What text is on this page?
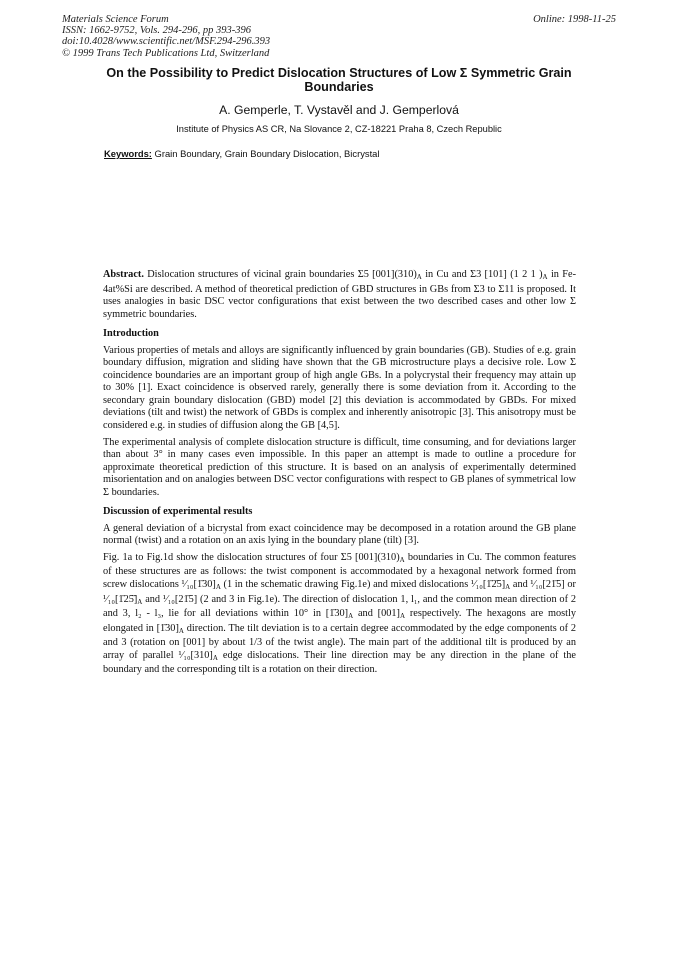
Materials Science Forum
ISSN: 1662-9752, Vols. 294-296, pp 393-396
doi:10.4028/www.scientific.net/MSF.294-296.393
© 1999 Trans Tech Publications Ltd, Switzerland
Online: 1998-11-25
On the Possibility to Predict Dislocation Structures of Low Σ Symmetric Grain Boundaries
A. Gemperle, T. Vystavěl and J. Gemperlová
Institute of Physics AS CR, Na Slovance 2, CZ-18221 Praha 8, Czech Republic
Keywords: Grain Boundary, Grain Boundary Dislocation, Bicrystal

Abstract. Dislocation structures of vicinal grain boundaries Σ5 $[001](310)_A$ in Cu and Σ3 [101] (1 2 1 )$_A$ in Fe-4at%Si are described. A method of theoretical prediction of GBD structures in GBs from Σ3 to Σ11 is proposed. It uses analogies in basic DSC vector configurations that exist between the two described cases and other low Σ symmetric boundaries.

Introduction

Various properties of metals and alloys are significantly influenced by grain boundaries (GB). Studies of e.g. grain boundary diffusion, migration and sliding have shown that the GB microstructure plays a decisive role. Low Σ coincidence boundaries are an important group of high angle GBs. In a polycrystal their frequency may attain up to 30% [1]. Exact coincidence is observed rarely, generally there is some deviation from it. According to the secondary grain boundary dislocation (GBD) model [2] this deviation is accommodated by GBDs. For mixed deviations (tilt and twist) the network of GBDs is complex and inherently anisotropic [3]. This anisotropy must be considered e.g. in studies of diffusion along the GB [4,5].

The experimental analysis of complete dislocation structure is difficult, time consuming, and for deviations larger than about 3° in many cases even impossible. In this paper an attempt is made to outline a procedure for approximate theoretical prediction of this structure. It is based on an analysis of experimentally determined misorientation and on analogies between DSC vector configurations with respect to GB planes of symmetrical low Σ boundaries.

Discussion of experimental results

A general deviation of a bicrystal from exact coincidence may be decomposed in a rotation around the GB plane normal (twist) and a rotation on an axis lying in the boundary plane (tilt) [3].

Fig. 1a to Fig.1d show the dislocation structures of four Σ5 $[001](310)_A$ boundaries in Cu. The common features of these structures are as follows: the twist component is accommodated by a hexagonal network formed from screw dislocations $^1⁄_{10}[1̄30]_A$ (1 in the schematic drawing Fig.1e) and mixed dislocations $^1⁄_{10}[1̄2̄5]_A$ and ¹⁄₁₀[21̄5] or $^1⁄_{10}[1̄25̄]_A$ and ¹⁄₁₀[21̄5] (2 and 3 in Fig.1e). The direction of dislocation 1, l₁, and the common mean direction of 2 and 3, l₂ - l₃, lie for all deviations within 10° in $[1̄30]_A$ and $[001]_A$ respectively. The hexagons are mostly elongated in $[1̄30]_A$ direction. The tilt deviation is to a certain degree accommodated by the edge components of 2 and 3 (rotation on [001] by about 1/3 of the twist angle). The main part of the additional tilt is produced by an array of parallel $^1⁄_{10}[310]_A$ edge dislocations. Their line direction may be any direction in the plane of the boundary and the corresponding tilt is a rotation on their direction.
